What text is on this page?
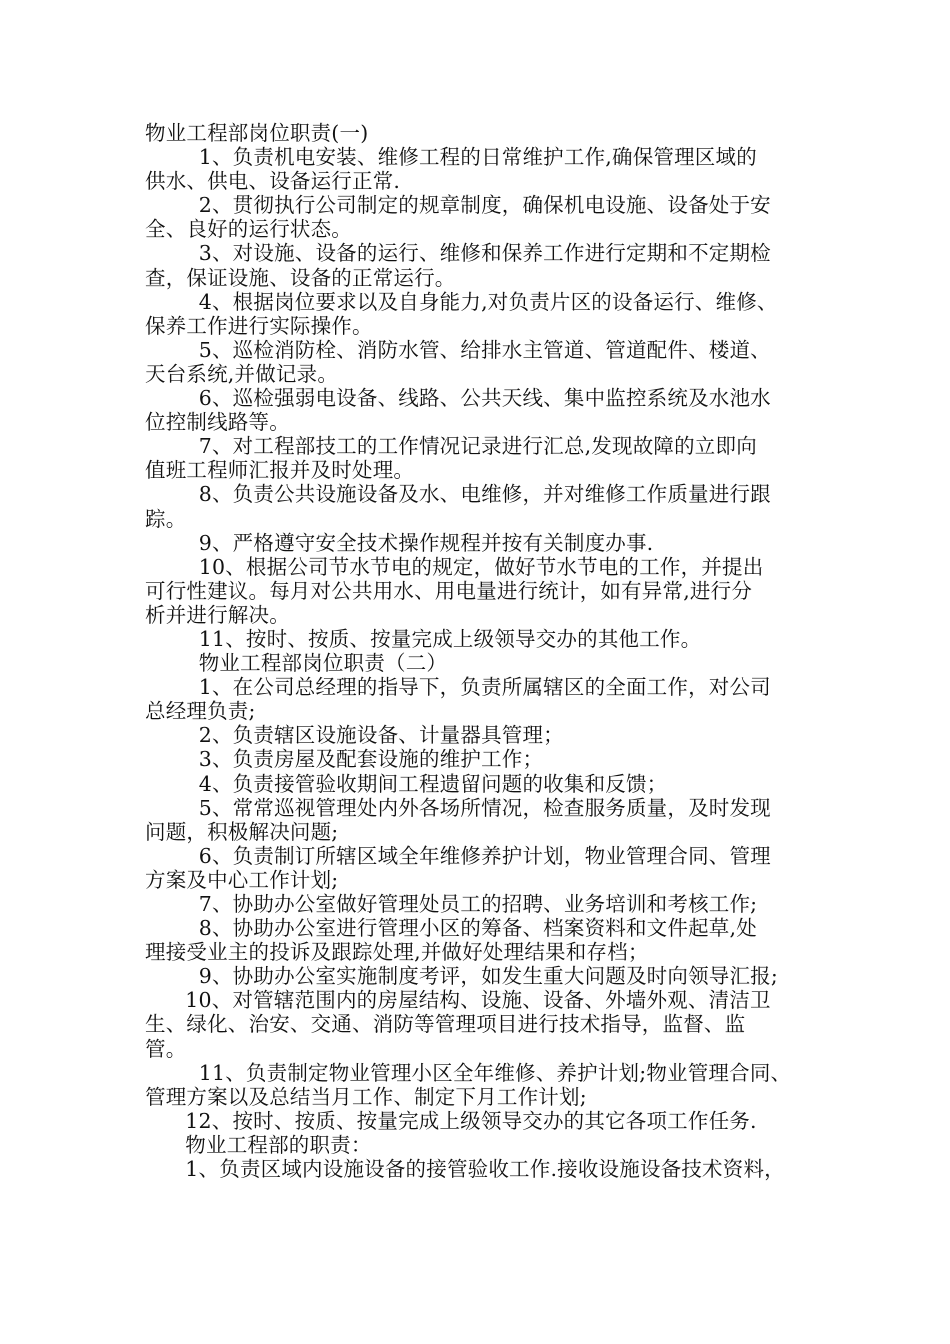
物业工程部岗位职责(一)
1、负责机电安装、维修工程的日常维护工作,确保管理区域的
供水、供电、设备运行正常.
2、贯彻执行公司制定的规章制度，确保机电设施、设备处于安
全、良好的运行状态。
3、对设施、设备的运行、维修和保养工作进行定期和不定期检
查，保证设施、设备的正常运行。
4、根据岗位要求以及自身能力,对负责片区的设备运行、维修、
保养工作进行实际操作。
5、巡检消防栓、消防水管、给排水主管道、管道配件、楼道、
天台系统,并做记录。
6、巡检强弱电设备、线路、公共天线、集中监控系统及水池水
位控制线路等。
7、对工程部技工的工作情况记录进行汇总,发现故障的立即向
值班工程师汇报并及时处理。
8、负责公共设施设备及水、电维修，并对维修工作质量进行跟
踪。
9、严格遵守安全技术操作规程并按有关制度办事.
10、根据公司节水节电的规定，做好节水节电的工作，并提出
可行性建议。每月对公共用水、用电量进行统计，如有异常,进行分
析并进行解决。
11、按时、按质、按量完成上级领导交办的其他工作。
物业工程部岗位职责（二）
1、在公司总经理的指导下，负责所属辖区的全面工作，对公司
总经理负责;
2、负责辖区设施设备、计量器具管理；
3、负责房屋及配套设施的维护工作；
4、负责接管验收期间工程遗留问题的收集和反馈；
5、常常巡视管理处内外各场所情况，检查服务质量，及时发现
问题，积极解决问题;
6、负责制订所辖区域全年维修养护计划，物业管理合同、管理
方案及中心工作计划;
7、协助办公室做好管理处员工的招聘、业务培训和考核工作;
8、协助办公室进行管理小区的筹备、档案资料和文件起草,处
理接受业主的投诉及跟踪处理,并做好处理结果和存档；
9、协助办公室实施制度考评，如发生重大问题及时向领导汇报;
10、对管辖范围内的房屋结构、设施、设备、外墙外观、清洁卫
生、绿化、治安、交通、消防等管理项目进行技术指导，监督、监
管。
11、负责制定物业管理小区全年维修、养护计划;物业管理合同、
管理方案以及总结当月工作、制定下月工作计划;
12、按时、按质、按量完成上级领导交办的其它各项工作任务.
物业工程部的职责：
1、负责区域内设施设备的接管验收工作.接收设施设备技术资料，
